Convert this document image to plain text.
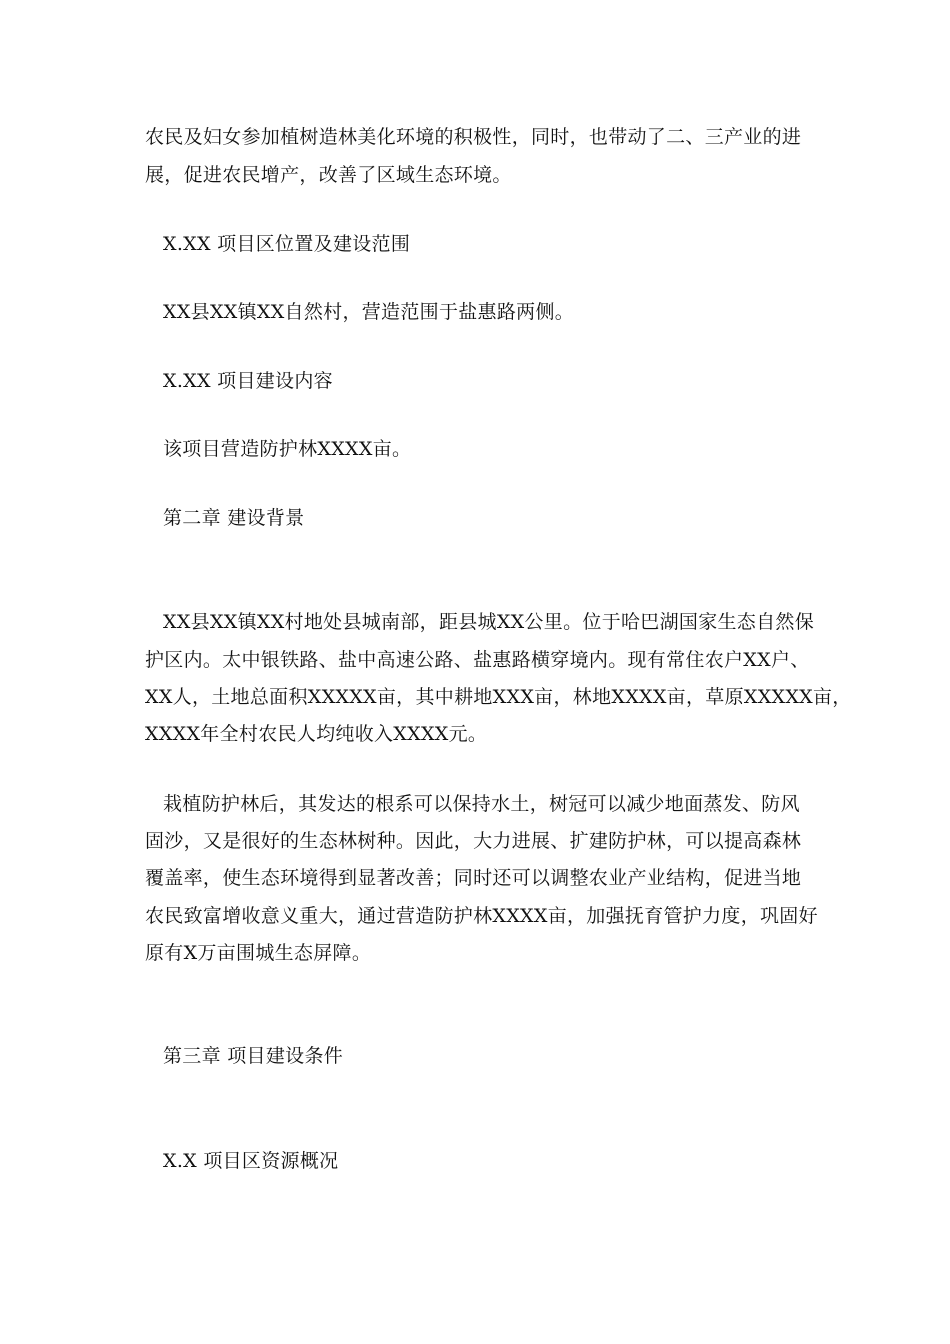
农民及妇女参加植树造林美化环境的积极性，同时，也带动了二、三产业的进
展，促进农民增产，改善了区域生态环境。
X.XX 项目区位置及建设范围
XX县XX镇XX自然村，营造范围于盐惠路两侧。
X.XX 项目建设内容
该项目营造防护林XXXX亩。
第二章 建设背景
XX县XX镇XX村地处县城南部，距县城XX公里。位于哈巴湖国家生态自然保
护区内。太中银铁路、盐中高速公路、盐惠路横穿境内。现有常住农户XX户、
XX人，土地总面积XXXXX亩，其中耕地XXX亩，林地XXXX亩，草原XXXXX亩，
XXXX年全村农民人均纯收入XXXX元。
栽植防护林后，其发达的根系可以保持水土，树冠可以减少地面蒸发、防风
固沙，又是很好的生态林树种。因此，大力进展、扩建防护林，可以提高森林
覆盖率，使生态环境得到显著改善；同时还可以调整农业产业结构，促进当地
农民致富增收意义重大，通过营造防护林XXXX亩，加强抚育管护力度，巩固好
原有X万亩围城生态屏障。
第三章 项目建设条件
X.X 项目区资源概况
